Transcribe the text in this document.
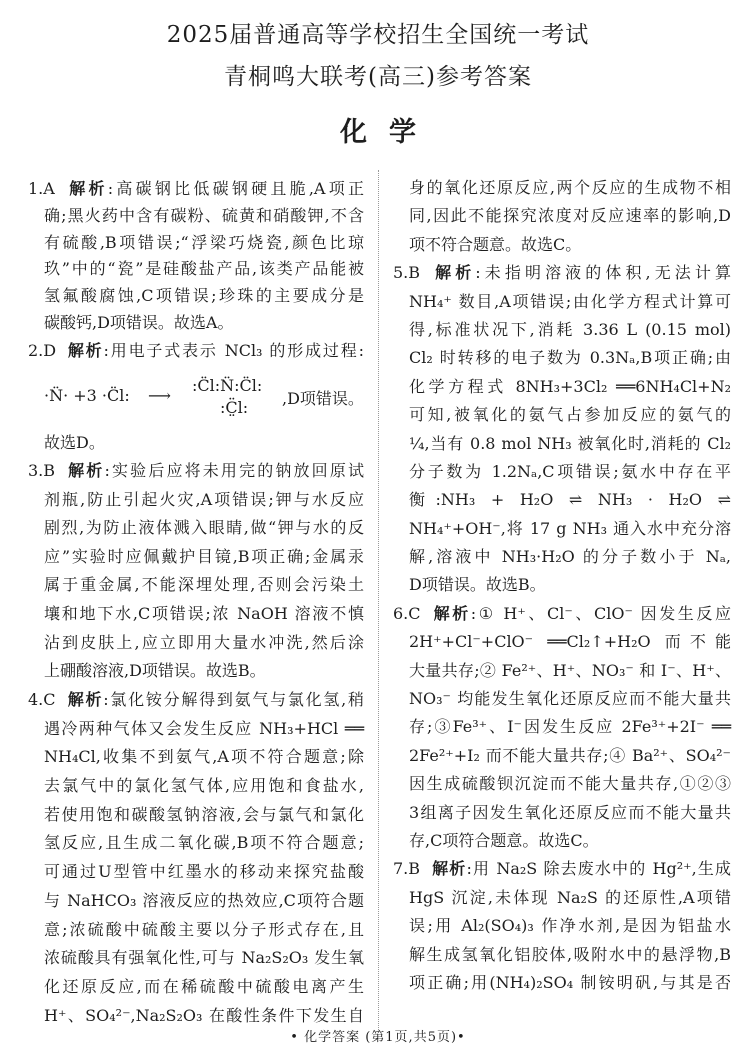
2025届普通高等学校招生全国统一考试
青桐鸣大联考(高三)参考答案
化学
1.A 解析:高碳钢比低碳钢硬且脆,A项正
确;黑火药中含有碳粉、硫黄和硝酸钾,不含
有硫酸,B项错误;“浮梁巧烧瓷,颜色比琼
玖”中的“瓷”是硅酸盐产品,该类产品能被
氢氟酸腐蚀,C项错误;珍珠的主要成分是
碳酸钙,D项错误。故选A。
2.D 解析:用电子式表示 NCl₃ 的形成过程:
·N̈· +3 ·C̈l: ⟶
:C̈l:N̈:C̈l:
:C̤̈l: ,D项错误。
故选D。
3.B 解析:实验后应将未用完的钠放回原试
剂瓶,防止引起火灾,A项错误;钾与水反应
剧烈,为防止液体溅入眼睛,做“钾与水的反
应”实验时应佩戴护目镜,B项正确;金属汞
属于重金属,不能深埋处理,否则会污染土
壤和地下水,C项错误;浓 NaOH 溶液不慎
沾到皮肤上,应立即用大量水冲洗,然后涂
上硼酸溶液,D项错误。故选B。
4.C 解析:氯化铵分解得到氨气与氯化氢,稍
遇冷两种气体又会发生反应 NH₃+HCl ══
NH₄Cl,收集不到氨气,A项不符合题意;除
去氯气中的氯化氢气体,应用饱和食盐水,
若使用饱和碳酸氢钠溶液,会与氯气和氯化
氢反应,且生成二氧化碳,B项不符合题意;
可通过U型管中红墨水的移动来探究盐酸
与 NaHCO₃ 溶液反应的热效应,C项符合题
意;浓硫酸中硫酸主要以分子形式存在,且
浓硫酸具有强氧化性,可与 Na₂S₂O₃ 发生氧
化还原反应,而在稀硫酸中硫酸电离产生
H⁺、SO₄²⁻,Na₂S₂O₃ 在酸性条件下发生自
身的氧化还原反应,两个反应的生成物不相
同,因此不能探究浓度对反应速率的影响,D
项不符合题意。故选C。
5.B 解析:未指明溶液的体积,无法计算
NH₄⁺ 数目,A项错误;由化学方程式计算可
得,标准状况下,消耗 3.36 L (0.15 mol)
Cl₂ 时转移的电子数为 0.3Nₐ,B项正确;由
化学方程式 8NH₃+3Cl₂ ══6NH₄Cl+N₂
可知,被氧化的氨气占参加反应的氨气的
¼,当有 0.8 mol NH₃ 被氧化时,消耗的 Cl₂
分子数为 1.2Nₐ,C项错误;氨水中存在平
衡:NH₃ + H₂O ⇌ NH₃ · H₂O ⇌
NH₄⁺+OH⁻,将 17 g NH₃ 通入水中充分溶
解,溶液中 NH₃·H₂O 的分子数小于 Nₐ,
D项错误。故选B。
6.C 解析:① H⁺、Cl⁻、ClO⁻ 因发生反应
2H⁺+Cl⁻+ClO⁻ ══Cl₂↑+H₂O 而不能
大量共存;② Fe²⁺、H⁺、NO₃⁻ 和 I⁻、H⁺、
NO₃⁻ 均能发生氧化还原反应而不能大量共
存;③Fe³⁺、I⁻因发生反应 2Fe³⁺+2I⁻ ══
2Fe²⁺+I₂ 而不能大量共存;④ Ba²⁺、SO₄²⁻
因生成硫酸钡沉淀而不能大量共存,①②③
3组离子因发生氧化还原反应而不能大量共
存,C项符合题意。故选C。
7.B 解析:用 Na₂S 除去废水中的 Hg²⁺,生成
HgS 沉淀,未体现 Na₂S 的还原性,A项错
误;用 Al₂(SO₄)₃ 作净水剂,是因为铝盐水
解生成氢氧化铝胶体,吸附水中的悬浮物,B
项正确;用(NH₄)₂SO₄ 制铵明矾,与其是否
• 化学答案 (第1页,共5页)•
